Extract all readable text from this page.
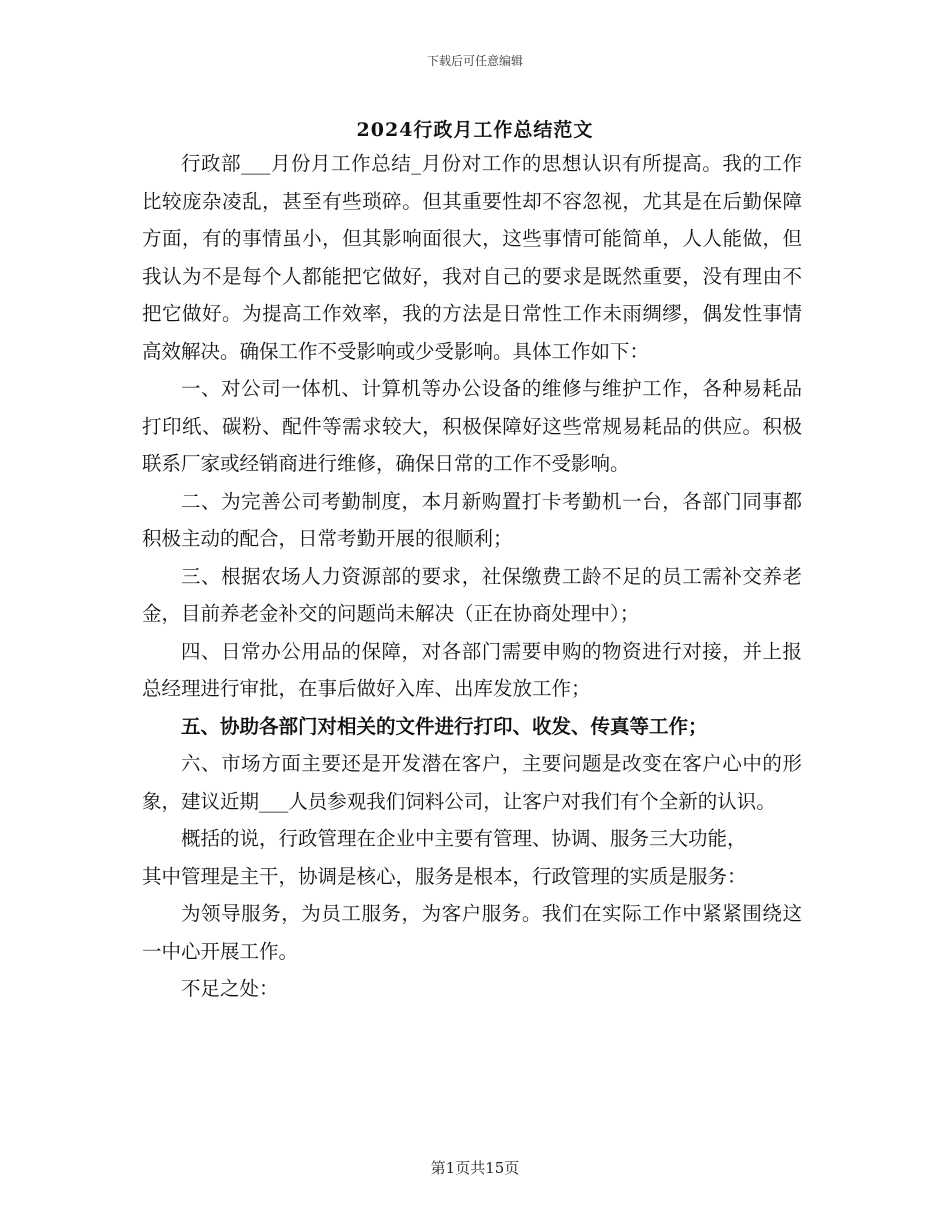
下载后可任意编辑
2024行政月工作总结范文

行政部___月份月工作总结_月份对工作的思想认识有所提高。我的工作比较庞杂凌乱，甚至有些琐碎。但其重要性却不容忽视，尤其是在后勤保障方面，有的事情虽小，但其影响面很大，这些事情可能简单，人人能做，但我认为不是每个人都能把它做好，我对自己的要求是既然重要，没有理由不把它做好。为提高工作效率，我的方法是日常性工作未雨绸缪，偶发性事情高效解决。确保工作不受影响或少受影响。具体工作如下：

一、对公司一体机、计算机等办公设备的维修与维护工作，各种易耗品打印纸、碳粉、配件等需求较大，积极保障好这些常规易耗品的供应。积极联系厂家或经销商进行维修，确保日常的工作不受影响。

二、为完善公司考勤制度，本月新购置打卡考勤机一台，各部门同事都积极主动的配合，日常考勤开展的很顺利；

三、根据农场人力资源部的要求，社保缴费工龄不足的员工需补交养老金，目前养老金补交的问题尚未解决（正在协商处理中）；

四、日常办公用品的保障，对各部门需要申购的物资进行对接，并上报总经理进行审批，在事后做好入库、出库发放工作；

五、协助各部门对相关的文件进行打印、收发、传真等工作；

六、市场方面主要还是开发潜在客户，主要问题是改变在客户心中的形象，建议近期___人员参观我们饲料公司，让客户对我们有个全新的认识。

概括的说，行政管理在企业中主要有管理、协调、服务三大功能，

其中管理是主干，协调是核心，服务是根本，行政管理的实质是服务：

为领导服务，为员工服务，为客户服务。我们在实际工作中紧紧围绕这一中心开展工作。

不足之处：

第1页共15页
